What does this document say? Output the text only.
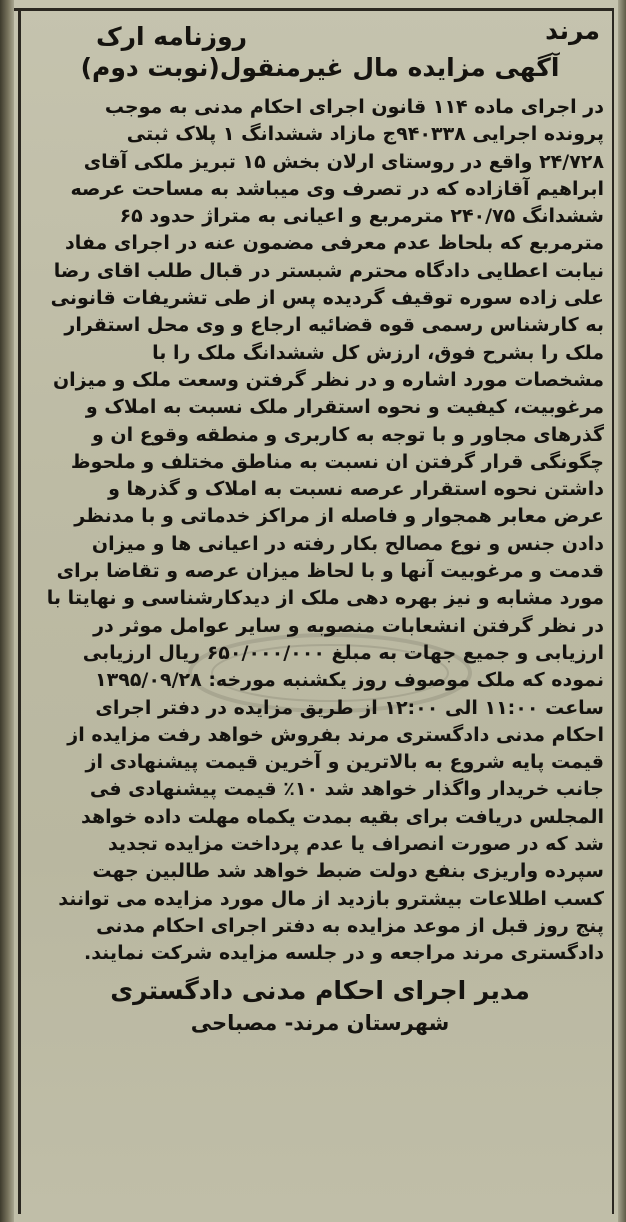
مرند
روزنامه ارک
آگهی مزایده مال غیرمنقول(نوبت دوم)
در اجرای ماده ۱۱۴ قانون اجرای احکام مدنی به موجب
پرونده اجرایی ۹۴۰۳۳۸ج مازاد ششدانگ ۱ پلاک ثبتی
۲۴/۷۲۸ واقع در روستای ارلان بخش ۱۵ تبریز ملکی آقای
ابراهیم آقازاده که در تصرف وی میباشد به مساحت عرصه
ششدانگ ۲۴۰/۷۵ مترمربع و اعیانی به متراژ حدود ۶۵
مترمربع که بلحاظ عدم معرفی مضمون عنه در اجرای مفاد
نیابت اعطایی دادگاه محترم شبستر در قبال طلب اقای رضا
علی زاده سوره توقیف گردیده پس از طی تشریفات قانونی
به کارشناس رسمی قوه قضائیه ارجاع و وی محل استقرار
ملک را بشرح فوق، ارزش کل ششدانگ ملک را با
مشخصات مورد اشاره و در نظر گرفتن وسعت ملک و میزان
مرغوبیت، کیفیت و نحوه استقرار ملک نسبت به املاک و
گذرهای مجاور و با توجه به کاربری و منطقه وقوع ان و
چگونگی قرار گرفتن ان نسبت به مناطق مختلف و ملحوظ
داشتن نحوه استقرار عرصه نسبت به املاک و گذرها و
عرض معابر همجوار و فاصله از مراکز خدماتی و با مدنظر
دادن جنس و نوع مصالح بکار رفته در اعیانی ها و میزان
قدمت و مرغوبیت آنها و با لحاظ میزان عرصه و تقاضا برای
مورد مشابه و نیز بهره دهی ملک از دیدکارشناسی و نهایتا با
در نظر گرفتن انشعابات منصوبه و سایر عوامل موثر در
ارزیابی و جمیع جهات به مبلغ ۶۵۰/۰۰۰/۰۰۰ ریال ارزیابی
نموده که ملک موصوف روز یکشنبه مورخه: ۱۳۹۵/۰۹/۲۸
ساعت ۱۱:۰۰ الی ۱۲:۰۰ از طریق مزایده در دفتر اجرای
احکام مدنی دادگستری مرند بفروش خواهد رفت مزایده از
قیمت پایه شروع به بالاترین و آخرین قیمت پیشنهادی از
جانب خریدار واگذار خواهد شد ۱۰٪ قیمت پیشنهادی فی
المجلس دریافت برای بقیه بمدت یکماه مهلت داده خواهد
شد که در صورت انصراف یا عدم پرداخت مزایده تجدید
سپرده واریزی بنفع دولت ضبط خواهد شد طالبین جهت
کسب اطلاعات بیشترو بازدید از مال مورد مزایده می توانند
پنج روز قبل از موعد مزایده به دفتر اجرای احکام مدنی
دادگستری مرند مراجعه و در جلسه مزایده شرکت نمایند.
مدیر اجرای احکام مدنی دادگستری
شهرستان مرند- مصباحی
